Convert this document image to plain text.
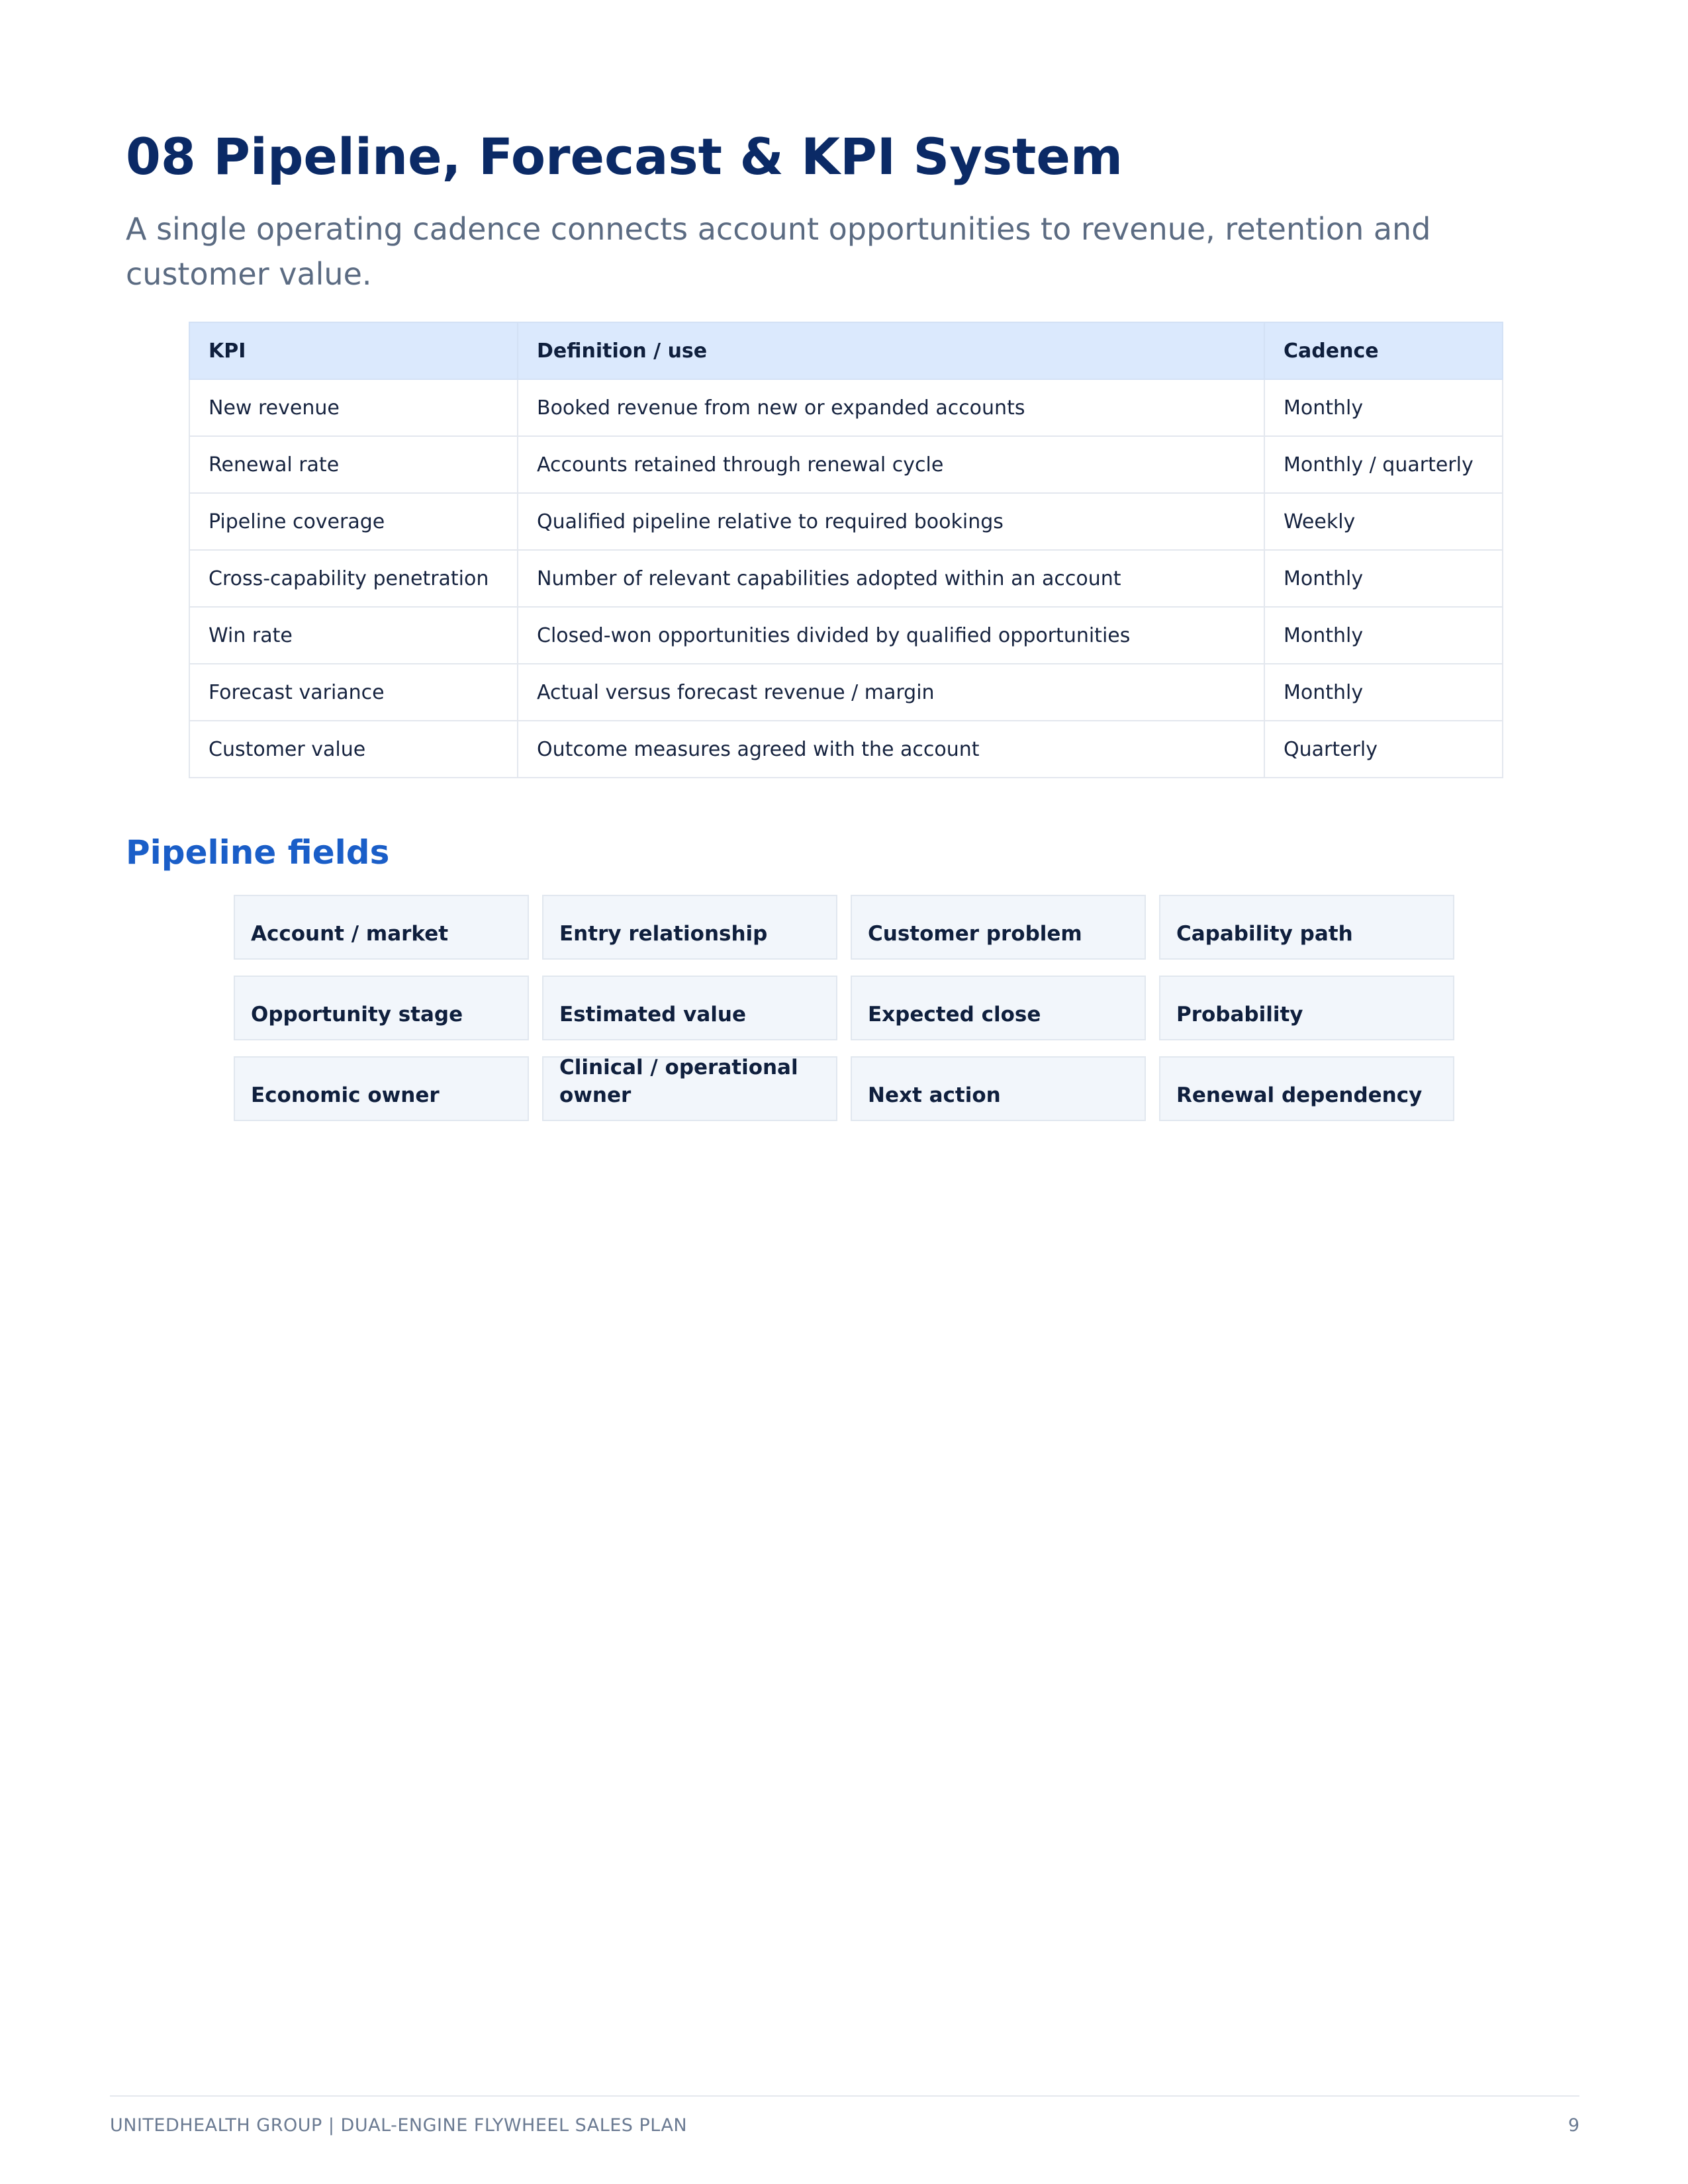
08 Pipeline, Forecast & KPI System

A single operating cadence connects account opportunities to revenue, retention and customer value.

KPI	Definition / use	Cadence
New revenue	Booked revenue from new or expanded accounts	Monthly
Renewal rate	Accounts retained through renewal cycle	Monthly / quarterly
Pipeline coverage	Qualified pipeline relative to required bookings	Weekly
Cross-capability penetration	Number of relevant capabilities adopted within an account	Monthly
Win rate	Closed-won opportunities divided by qualified opportunities	Monthly
Forecast variance	Actual versus forecast revenue / margin	Monthly
Customer value	Outcome measures agreed with the account	Quarterly
Pipeline fields
Account / market	Entry relationship	Customer problem	Capability path
Opportunity stage	Estimated value	Expected close	Probability
Economic owner
Clinical / operational owner	Next action	Renewal dependency
UNITEDHEALTH GROUP | DUAL-ENGINE FLYWHEEL SALES PLAN	9
